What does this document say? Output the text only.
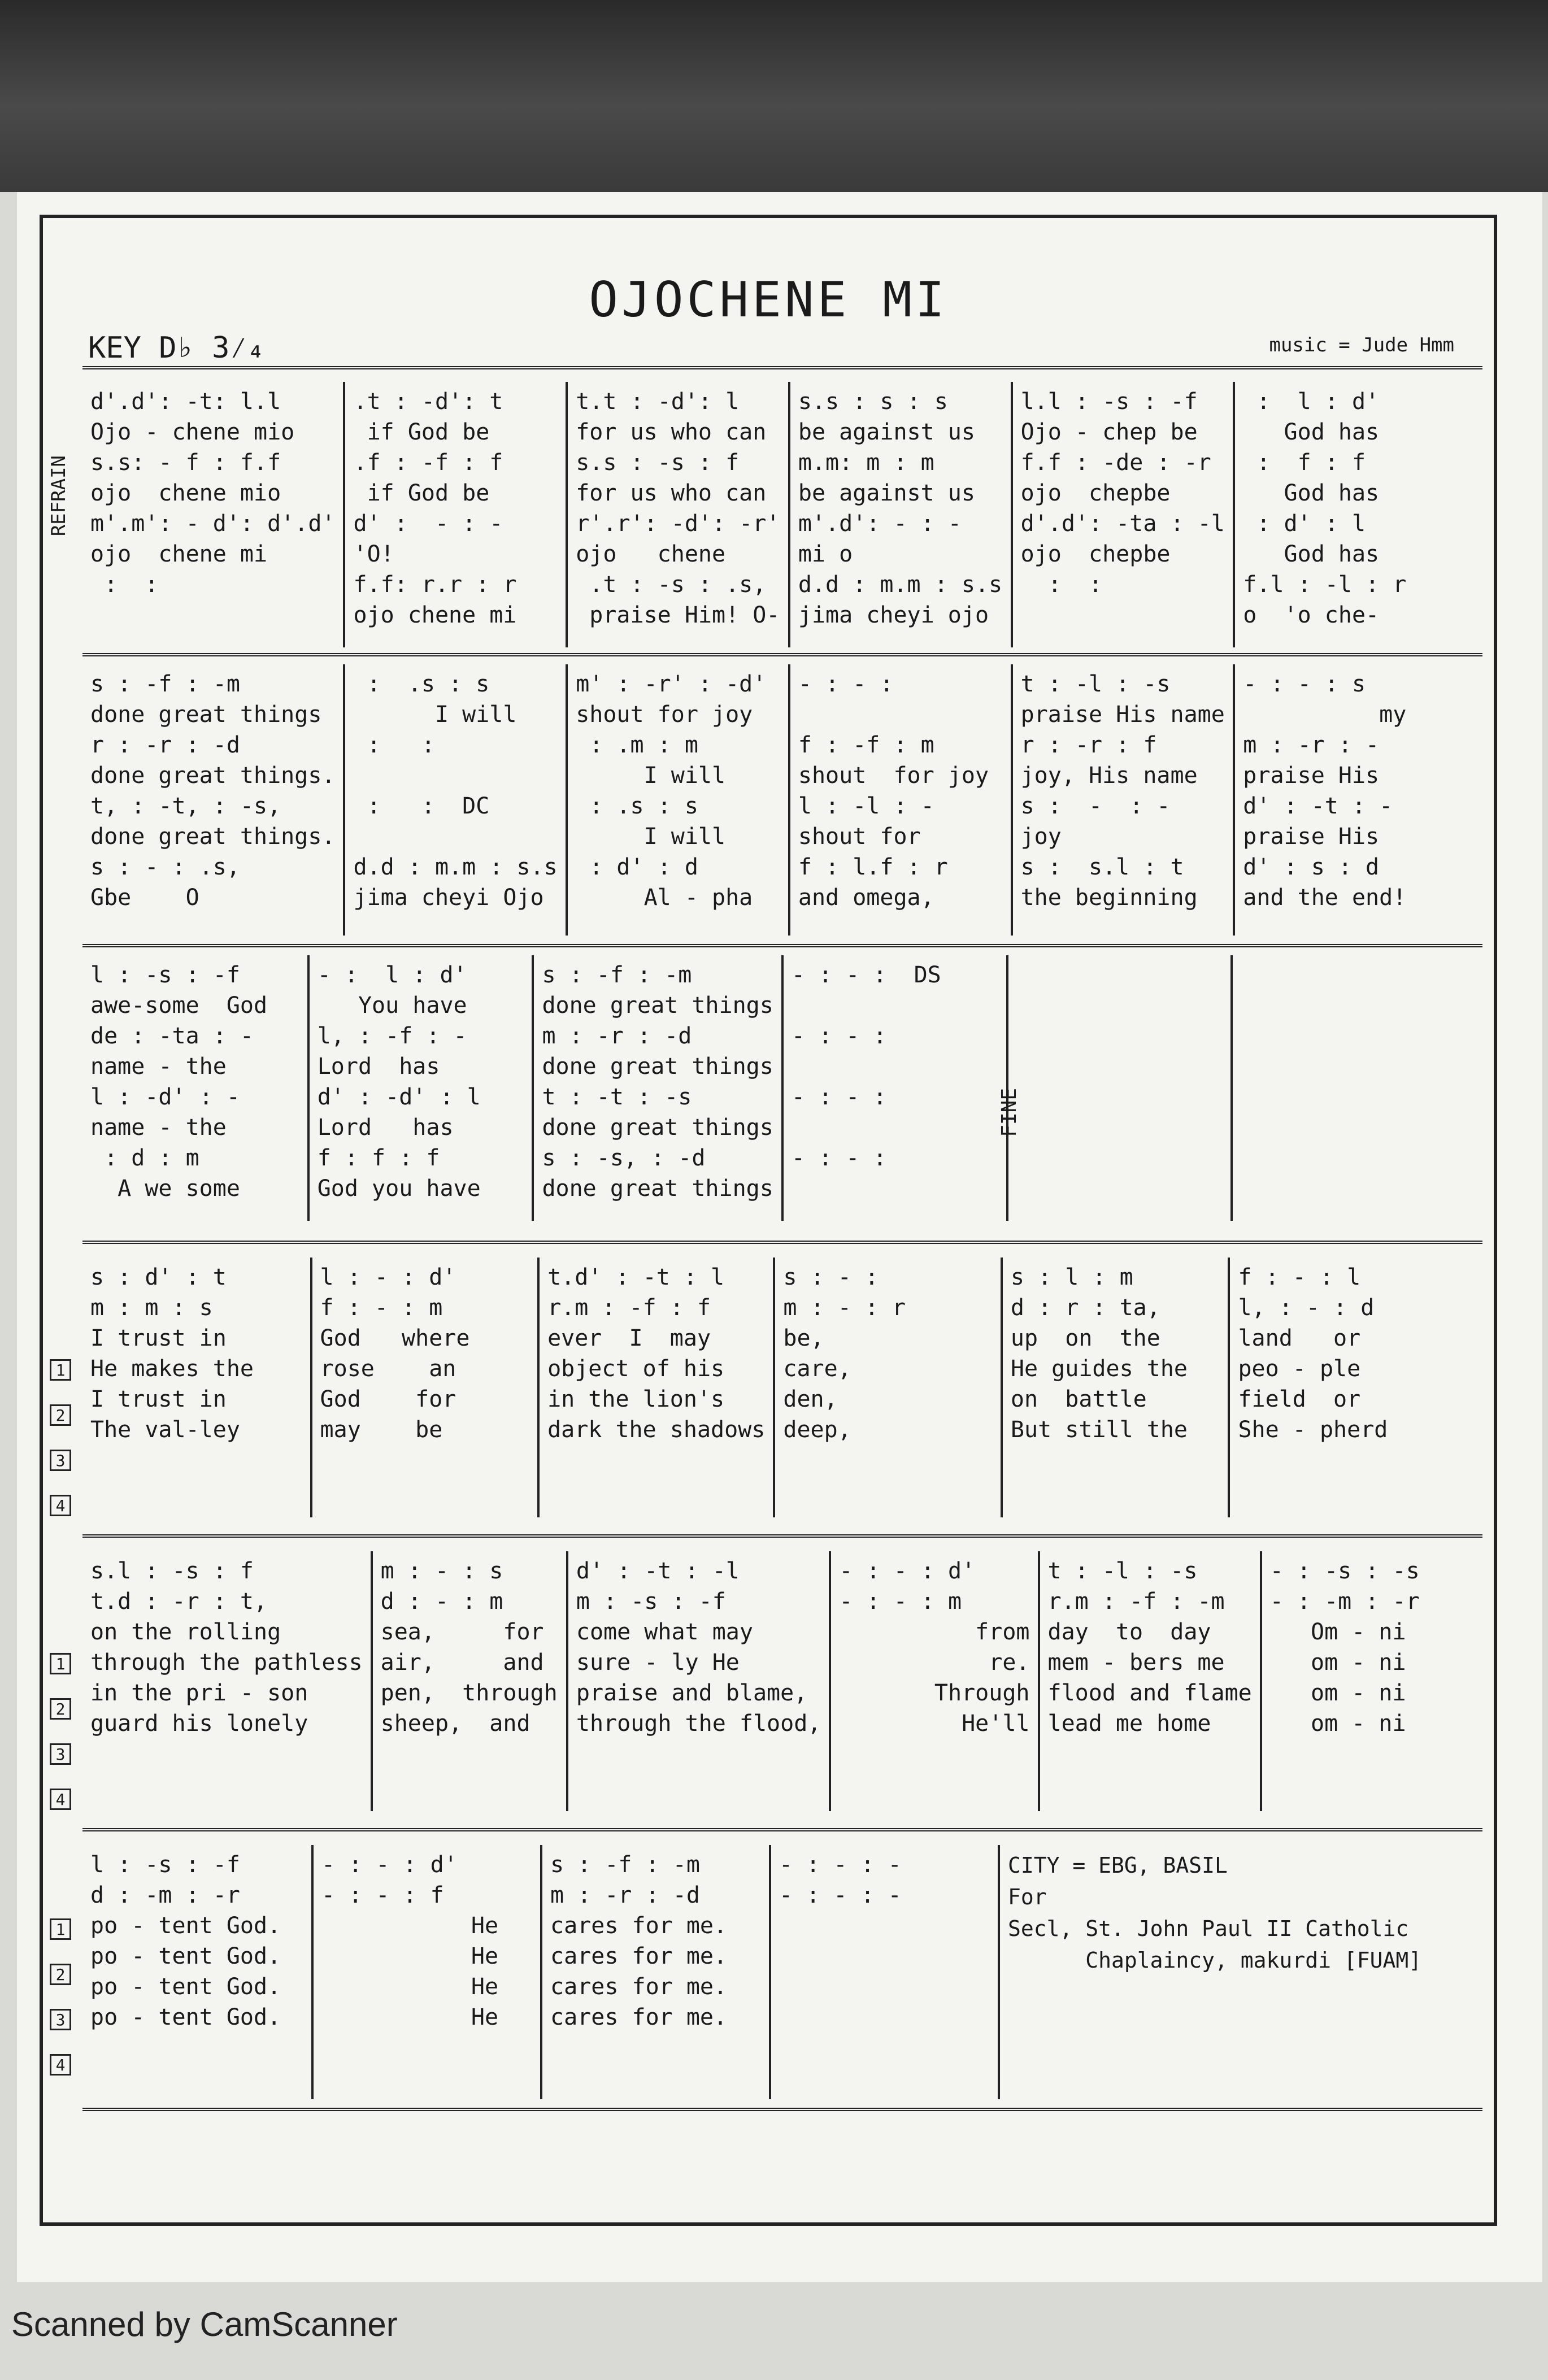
OJOCHENE MI
KEY D♭ 3⁄₄	music = Jude Hmm
REFRAIN
d'.d': -t: l.l
Ojo - chene mio
s.s: - f : f.f
ojo  chene mio
m'.m': - d': d'.d'
ojo  chene mi
:  :
.t : -d': t
if God be
.f : -f : f
if God be
d' :  - : -
'O!
f.f: r.r : r
ojo chene mi
t.t : -d': l
for us who can
s.s : -s : f
for us who can
r'.r': -d': -r'
ojo   chene
.t : -s : .s,
praise Him! O-
s.s : s : s
be against us
m.m: m : m
be against us
m'.d': - : -
mi o
d.d : m.m : s.s
jima cheyi ojo
l.l : -s : -f
Ojo - chep be
f.f : -de : -r
ojo  chepbe
d'.d': -ta : -l
ojo  chepbe
:  :
:  l : d'
God has
:  f : f
God has
: d' : l
God has
f.l : -l : r
o  'o che-
s : -f : -m
done great things
r : -r : -d
done great things.
t, : -t, : -s,
done great things.
s : - : .s,
Gbe    O
:  .s : s
I will
:   :

:   :  DC

d.d : m.m : s.s
jima cheyi Ojo
m' : -r' : -d'
shout for joy
: .m : m
I will
: .s : s
I will
: d' : d
Al - pha
- : - :

f : -f : m
shout  for joy
l : -l : -
shout for
f : l.f : r
and omega,
t : -l : -s
praise His name
r : -r : f
joy, His name
s :  -  : -
joy
s :  s.l : t
the beginning
- : - : s
my
m : -r : -
praise His
d' : -t : -
praise His
d' : s : d
and the end!
l : -s : -f
awe-some  God
de : -ta : -
name - the
l : -d' : -
name - the
: d : m
A we some
- :  l : d'
You have
l, : -f : -
Lord  has
d' : -d' : l
Lord   has
f : f : f
God you have
s : -f : -m
done great things
m : -r : -d
done great things
t : -t : -s
done great things
s : -s, : -d
done great things
- : - :  DS

- : - :

- : - :

- : - :
FINE
1
2
3
4
s : d' : t
m : m : s
I trust in
He makes the
I trust in
The val-ley
l : - : d'
f : - : m
God   where
rose    an
God    for
may    be
t.d' : -t : l
r.m : -f : f
ever  I  may
object of his
in the lion's
dark the shadows
s : - :
m : - : r
be,
care,
den,
deep,
s : l : m
d : r : ta,
up  on  the
He guides the
on  battle
But still the
f : - : l
l, : - : d
land   or
peo - ple
field  or
She - pherd
1
2
3
4
s.l : -s : f
t.d : -r : t,
on the rolling
through the pathless
in the pri - son
guard his lonely
m : - : s
d : - : m
sea,     for
air,     and
pen,  through
sheep,  and
d' : -t : -l
m : -s : -f
come what may
sure - ly He
praise and blame,
through the flood,
- : - : d'
- : - : m
from
re.
Through
He'll
t : -l : -s
r.m : -f : -m
day  to  day
mem - bers me
flood and flame
lead me home
- : -s : -s
- : -m : -r
Om - ni
om - ni
om - ni
om - ni
1
2
3
4
l : -s : -f
d : -m : -r
po - tent God.
po - tent God.
po - tent God.
po - tent God.
- : - : d'
- : - : f
He
He
He
He
s : -f : -m
m : -r : -d
cares for me.
cares for me.
cares for me.
cares for me.
- : - : -
- : - : -
CITY = EBG, BASIL
For
Secl, St. John Paul II Catholic
Chaplaincy, makurdi [FUAM]
Scanned by CamScanner
